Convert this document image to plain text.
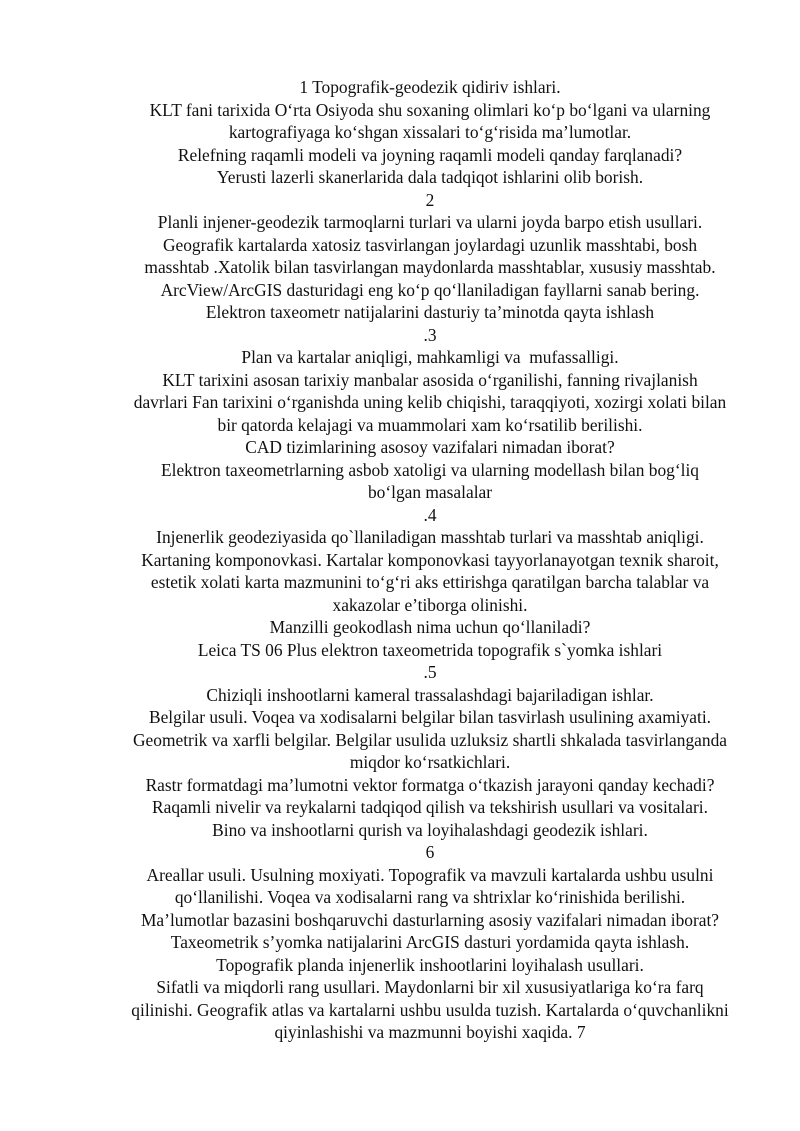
1 Topografik-geodezik qidiriv ishlari.
KLT fani tarixida O‘rta Osiyoda shu soxaning olimlari ko‘p bo‘lgani va ularning
kartografiyaga ko‘shgan xissalari to‘g‘risida ma’lumotlar.
Relefning raqamli modeli va joyning raqamli modeli qanday farqlanadi?
Yerusti lazerli skanerlarida dala tadqiqot ishlarini olib borish.
2
Planli injener-geodezik tarmoqlarni turlari va ularni joyda barpo etish usullari.
Geografik kartalarda xatosiz tasvirlangan joylardagi uzunlik masshtabi, bosh
masshtab .Xatolik bilan tasvirlangan maydonlarda masshtablar, xususiy masshtab.
ArcView/ArcGIS dasturidagi eng ko‘p qo‘llaniladigan fayllarni sanab bering.
Elektron taxeometr natijalarini dasturiy ta’minotda qayta ishlash
.3
Plan va kartalar aniqligi, mahkamligi va  mufassalligi.
KLT tarixini asosan tarixiy manbalar asosida o‘rganilishi, fanning rivajlanish
davrlari Fan tarixini o‘rganishda uning kelib chiqishi, taraqqiyoti, xozirgi xolati bilan
bir qatorda kelajagi va muammolari xam ko‘rsatilib berilishi.
CAD tizimlarining asosoy vazifalari nimadan iborat?
Elektron taxeometrlarning asbob xatoligi va ularning modellash bilan bog‘liq
bo‘lgan masalalar
.4
Injenerlik geodeziyasida qo`llaniladigan masshtab turlari va masshtab aniqligi.
Kartaning komponovkasi. Kartalar komponovkasi tayyorlanayotgan texnik sharoit,
estetik xolati karta mazmunini to‘g‘ri aks ettirishga qaratilgan barcha talablar va
xakazolar e’tiborga olinishi.
Manzilli geokodlash nima uchun qo‘llaniladi?
Leica TS 06 Plus elektron taxeometrida topografik s`yomka ishlari
.5
Chiziqli inshootlarni kameral trassalashdagi bajariladigan ishlar.
Belgilar usuli. Voqea va xodisalarni belgilar bilan tasvirlash usulining axamiyati.
Geometrik va xarfli belgilar. Belgilar usulida uzluksiz shartli shkalada tasvirlanganda
miqdor ko‘rsatkichlari.
Rastr formatdagi ma’lumotni vektor formatga o‘tkazish jarayoni qanday kechadi?
Raqamli nivelir va reykalarni tadqiqod qilish va tekshirish usullari va vositalari.
Bino va inshootlarni qurish va loyihalashdagi geodezik ishlari.
6
Areallar usuli. Usulning moxiyati. Topografik va mavzuli kartalarda ushbu usulni
qo‘llanilishi. Voqea va xodisalarni rang va shtrixlar ko‘rinishida berilishi.
Ma’lumotlar bazasini boshqaruvchi dasturlarning asosiy vazifalari nimadan iborat?
Taxeometrik s’yomka natijalarini ArcGIS dasturi yordamida qayta ishlash.
Topografik planda injenerlik inshootlarini loyihalash usullari.
Sifatli va miqdorli rang usullari. Maydonlarni bir xil xususiyatlariga ko‘ra farq
qilinishi. Geografik atlas va kartalarni ushbu usulda tuzish. Kartalarda o‘quvchanlikni
qiyinlashishi va mazmunni boyishi xaqida. 7
